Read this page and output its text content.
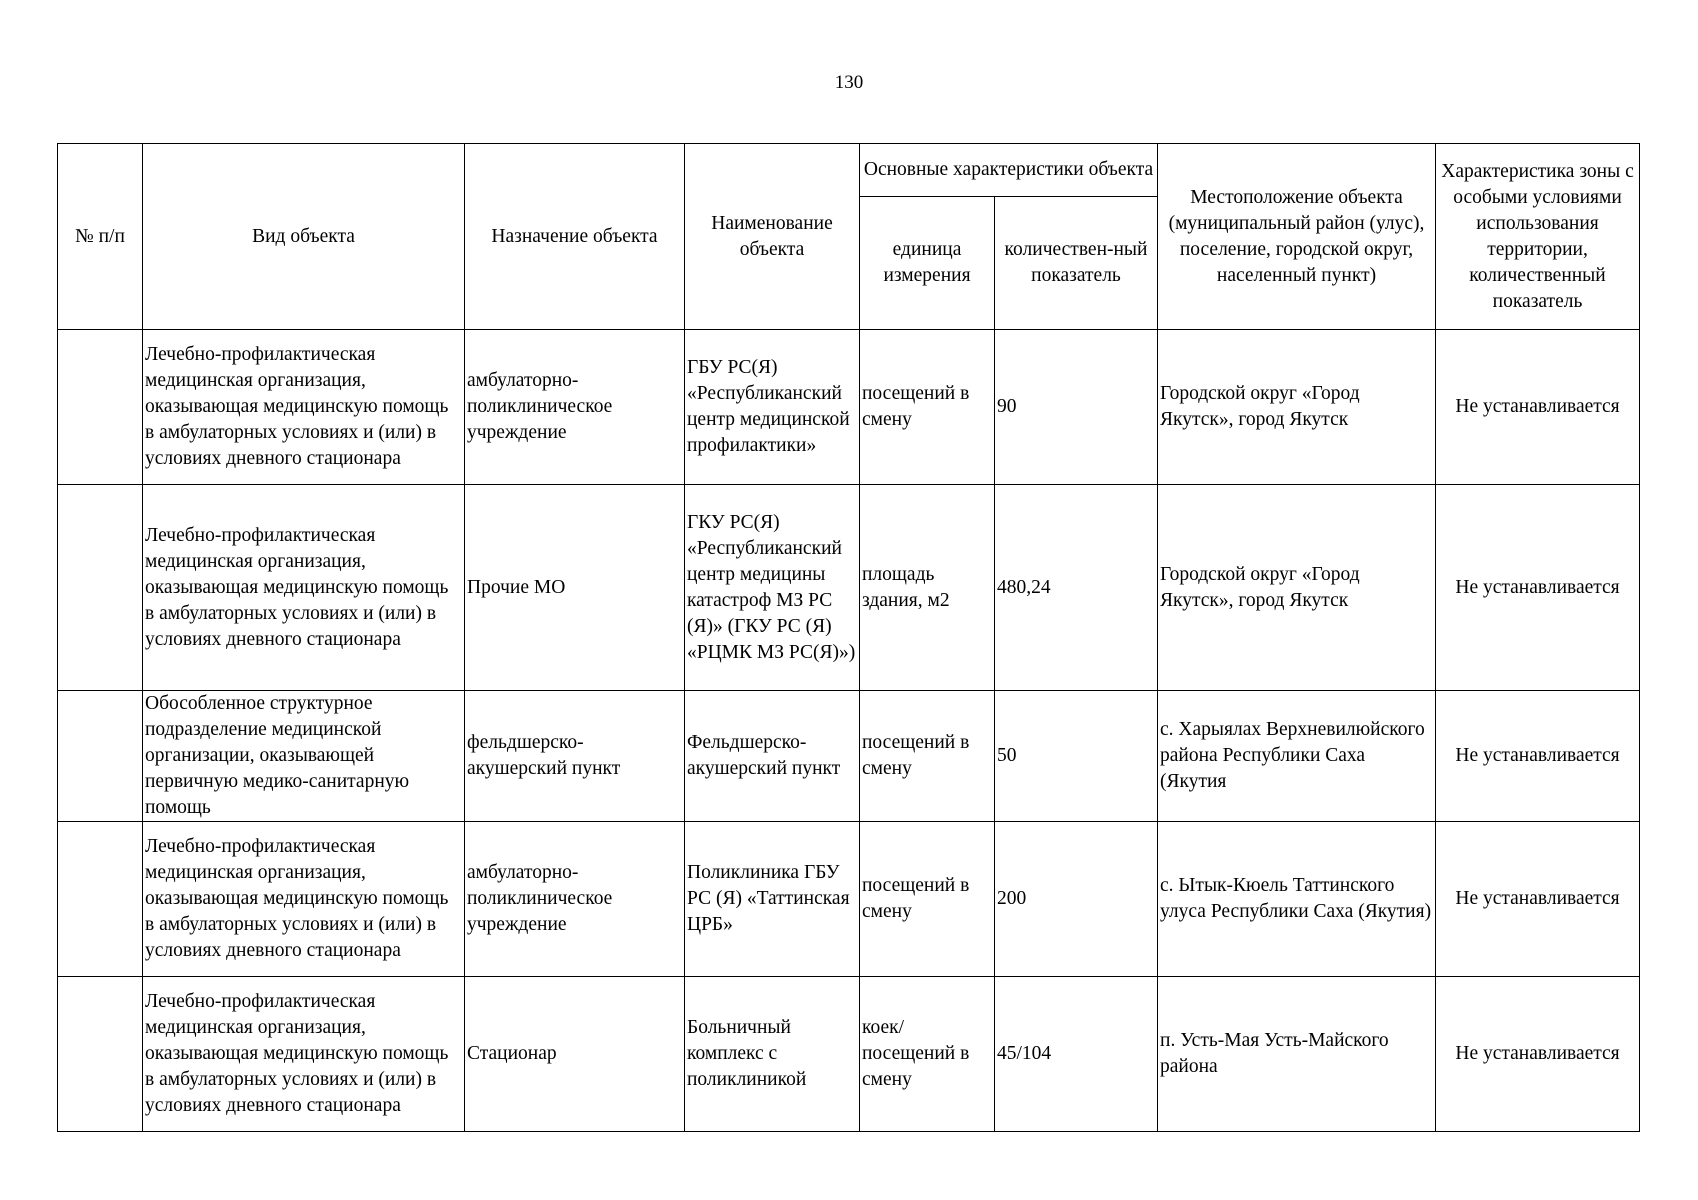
130
№ п/п	Вид объекта	Назначение объекта	Наименование объекта	Основные характеристики объекта		Местоположение объекта (муниципальный район (улус), поселение, городской округ, населенный пункт)	Характеристика зоны с особыми условиями использования территории, количественный показатель
				единица измерения	количествен-ный показатель		
	Лечебно-профилактическая медицинская организация, оказывающая медицинскую помощь в амбулаторных условиях и (или) в условиях дневного стационара	амбулаторно-поликлиническое учреждение	ГБУ РС(Я) «Республиканский центр медицинской профилактики»	посещений в смену	90	Городской округ «Город Якутск», город Якутск	Не устанавливается
	Лечебно-профилактическая медицинская организация, оказывающая медицинскую помощь в амбулаторных условиях и (или) в условиях дневного стационара	Прочие МО	ГКУ РС(Я) «Республиканский центр медицины катастроф МЗ РС (Я)» (ГКУ РС (Я) «РЦМК МЗ РС(Я)»)	площадь здания, м2	480,24	Городской округ «Город Якутск», город Якутск	Не устанавливается
	Обособленное структурное подразделение медицинской организации, оказывающей первичную медико-санитарную помощь	фельдшерско-акушерский пункт	Фельдшерско-акушерский пункт	посещений в смену	50	с. Харыялах Верхневилюйского района Республики Саха (Якутия	Не устанавливается
	Лечебно-профилактическая медицинская организация, оказывающая медицинскую помощь в амбулаторных условиях и (или) в условиях дневного стационара	амбулаторно-поликлиническое учреждение	Поликлиника ГБУ РС (Я) «Таттинская ЦРБ»	посещений в смену	200	с. Ытык-Кюель Таттинского улуса Республики Саха (Якутия)	Не устанавливается
	Лечебно-профилактическая медицинская организация, оказывающая медицинскую помощь в амбулаторных условиях и (или) в условиях дневного стационара	Стационар	Больничный комплекс с поликлиникой	коек/ посещений в смену	45/104	п. Усть-Мая Усть-Майского района	Не устанавливается
